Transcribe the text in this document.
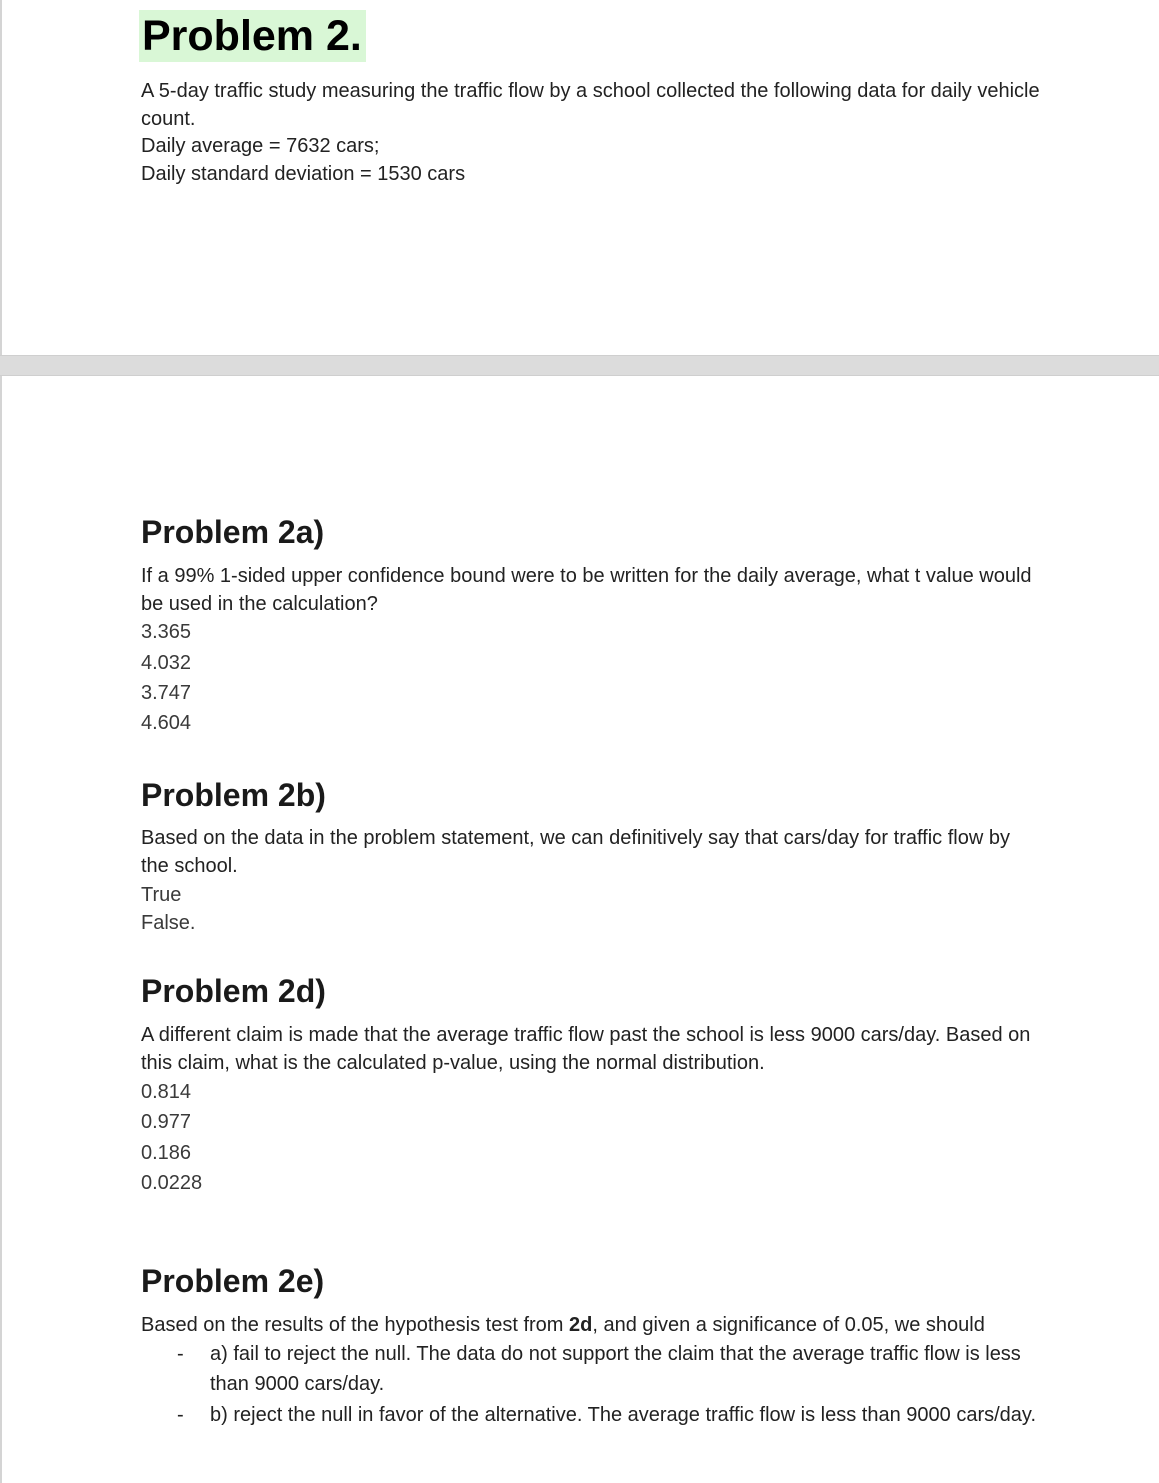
Problem 2.

A 5-day traffic study measuring the traffic flow by a school collected the following data for daily vehicle count.

Daily average = 7632 cars;

Daily standard deviation = 1530 cars

Problem 2a)

If a 99% 1-sided upper confidence bound were to be written for the daily average, what t value would be used in the calculation?

3.365

4.032

3.747

4.604

Problem 2b)

Based on the data in the problem statement, we can definitively say that cars/day for traffic flow by the school.

True

False.

Problem 2d)

A different claim is made that the average traffic flow past the school is less 9000 cars/day. Based on this claim, what is the calculated p-value, using the normal distribution.

0.814

0.977

0.186

0.0228

Problem 2e)

Based on the results of the hypothesis test from 2d, and given a significance of 0.05, we should

- a) fail to reject the null. The data do not support the claim that the average traffic flow is less than 9000 cars/day.
- b) reject the null in favor of the alternative. The average traffic flow is less than 9000 cars/day.
